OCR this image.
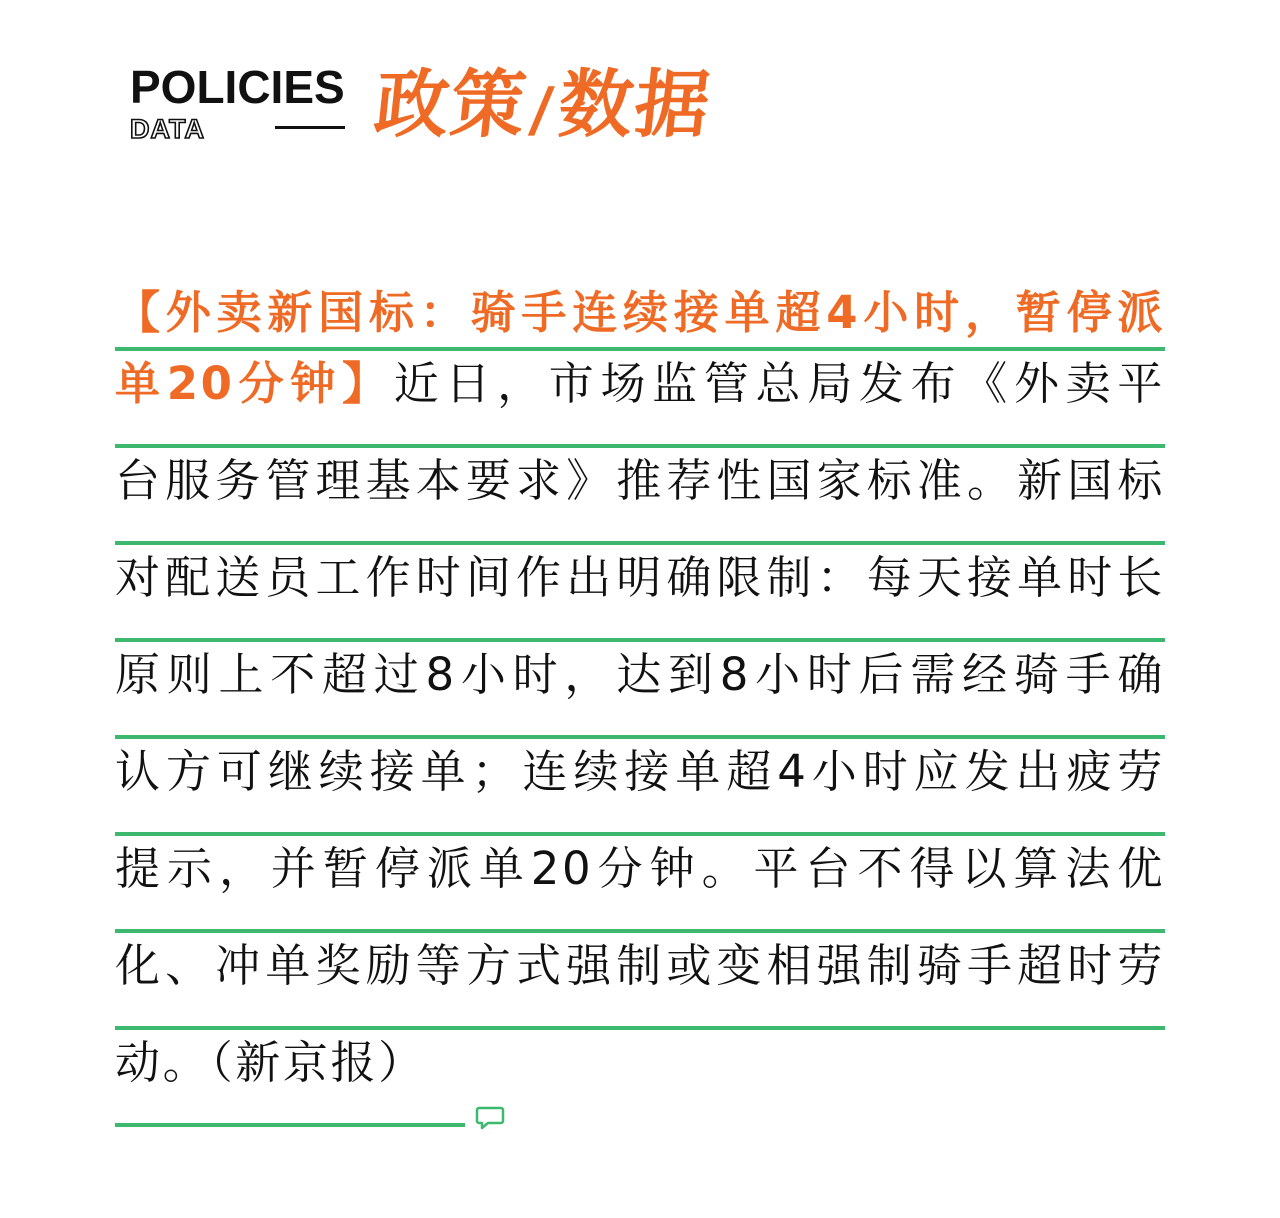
POLICIES
DATA 政策/数据
【外卖新国标：骑手连续接单超4小时，暂停派
单20分钟】近日，市场监管总局发布《外卖平
台服务管理基本要求》推荐性国家标准。新国标
对配送员工作时间作出明确限制：每天接单时长
原则上不超过8小时，达到8小时后需经骑手确
认方可继续接单；连续接单超4小时应发出疲劳
提示，并暂停派单20分钟。平台不得以算法优
化、冲单奖励等方式强制或变相强制骑手超时劳
动。（新京报）
